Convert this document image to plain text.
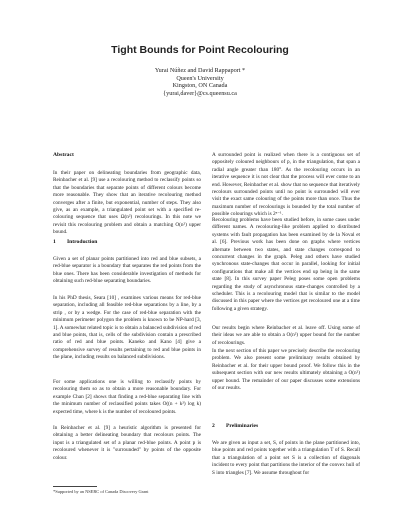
Tight Bounds for Point Recolouring
Yurai Núñez and David Rappaport *
Queen's University
Kingston, ON Canada
{yurai,daver}@cs.queensu.ca
Abstract

In their paper on delineating boundaries from geographic data, Reinbacher et al. [9] use a recolouring method to reclassify points so that the boundaries that separate points of different colours become more reasonable. They show that an iterative recolouring method converges after a finite, but exponential, number of steps. They also give, as an example, a triangulated point set with a specified re-colouring sequence that uses Ω(n²) recolourings. In this note we revisit this recolouring problem and obtain a matching O(n²) upper bound.

1 Introduction

Given a set of planar points partitioned into red and blue subsets, a red-blue separator is a boundary that separates the red points from the blue ones. There has been considerable investigation of methods for obtaining such red-blue separating boundaries.

In his PhD thesis, Seara [10] , examines various means for red-blue separation, including all feasible red-blue separations by a line, by a strip , or by a wedge. For the case of red-blue separation with the minimum perimeter polygon the problem is known to be NP-hard [3, 1]. A somewhat related topic is to obtain a balanced subdivision of red and blue points, that is, cells of the subdivision contain a prescribed ratio of red and blue points. Kaneko and Kano [4] give a comprehensive survey of results pertaining to red and blue points in the plane, including results on balanced subdivisions.

For some applications one is willing to reclassify points by recolouring them so as to obtain a more reasonable boundary. For example Chan [2] shows that finding a red-blue separating line with the minimum number of reclassified points takes O((n + k²) log k) expected time, where k is the number of recoloured points.

In Reinbacher et al. [9] a heuristic algorithm is presented for obtaining a better delineating boundary that recolours points. The input is a triangulated set of a planar red-blue points. A point p is recoloured whenever it is "surrounded" by points of the opposite colour.

*Supported by an NSERC of Canada Discovery Grant

A surrounded point is realized when there is a contiguous set of oppositely coloured neighbours of p, in the triangulation, that span a radial angle greater than 180°. As the recolouring occurs in an iterative sequence it is not clear that the process will ever come to an end. However, Reinbacher et al. show that no sequence that iteratively recolours surrounded points until no point is surrounded will ever visit the exact same colouring of the points more than once. Thus the maximum number of recolourings is bounded by the total number of possible colourings which is 2ⁿ⁻¹.

Recolouring problems have been studied before, in some cases under different names. A recolouring-like problem applied to distributed systems with fault propagation has been examined by de la Noval et al. [6]. Previous work has been done on graphs where vertices alternate between two states, and state changes correspond to concurrent changes in the graph. Peleg and others have studied synchronous state-changes that occur in parallel, looking for initial configurations that make all the vertices end up being in the same state [8]. In this survey paper Peleg poses some open problems regarding the study of asynchronous state-changes controlled by a scheduler. This is a recolouring model that is similar to the model discussed in this paper where the vertices get recoloured one at a time following a given strategy.

Our results begin where Reinbacher et al. leave off. Using some of their ideas we are able to obtain a O(n²) upper bound for the number of recolourings.

In the next section of this paper we precisely describe the recolouring problem. We also present some preliminary results obtained by Reinbacher et al. for their upper bound proof. We follow this in the subsequent section with our new results ultimately obtaining a O(n²) upper bound. The remainder of our paper discusses some extensions of our results.

2 Preliminaries

We are given as input a set, S, of points in the plane partitioned into, blue points and red points together with a triangulation T of S. Recall that a triangulation of a point set S is a collection of diagonals incident to every point that partitions the interior of the convex hull of S into triangles [7]. We assume throughout for
